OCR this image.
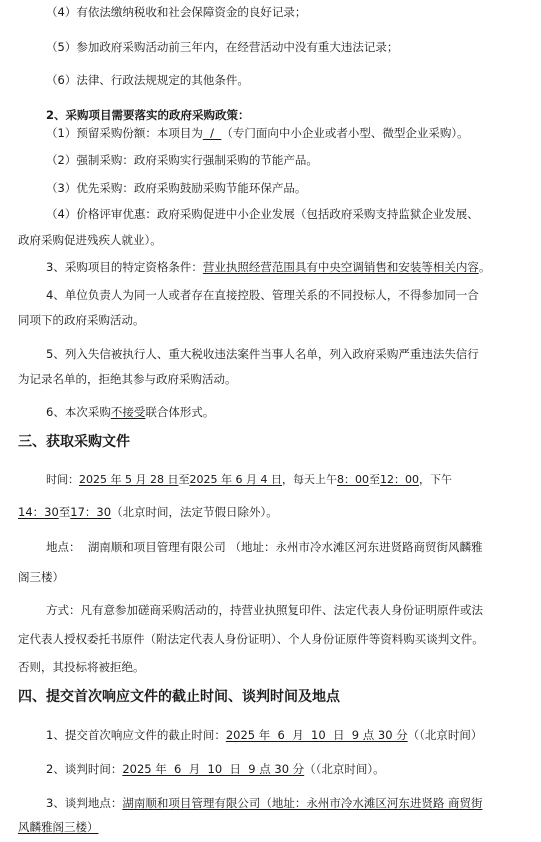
（4）有依法缴纳税收和社会保障资金的良好记录；
（5）参加政府采购活动前三年内，在经营活动中没有重大违法记录；
（6）法律、行政法规规定的其他条件。
2、采购项目需要落实的政府采购政策：
（1）预留采购份额：本项目为  /  （专门面向中小企业或者小型、微型企业采购）。
（2）强制采购：政府采购实行强制采购的节能产品。
（3）优先采购：政府采购鼓励采购节能环保产品。
（4）价格评审优惠：政府采购促进中小企业发展（包括政府采购支持监狱企业发展、
政府采购促进残疾人就业）。
3、采购项目的特定资格条件：营业执照经营范围具有中央空调销售和安装等相关内容。
4、单位负责人为同一人或者存在直接控股、管理关系的不同投标人，不得参加同一合
同项下的政府采购活动。
5、列入失信被执行人、重大税收违法案件当事人名单，列入政府采购严重违法失信行
为记录名单的，拒绝其参与政府采购活动。
6、本次采购不接受联合体形式。
三、获取采购文件
时间：2025 年 5 月 28 日至2025 年 6 月 4 日，每天上午8：00至12：00，下午
14：30至17：30（北京时间，法定节假日除外）。
地点： 湖南顺和项目管理有限公司 （地址：永州市冷水滩区河东进贤路商贸街风麟雅
阁三楼）
方式：凡有意参加磋商采购活动的，持营业执照复印件、法定代表人身份证明原件或法
定代表人授权委托书原件（附法定代表人身份证明）、个人身份证原件等资料购买谈判文件。
否则，其投标将被拒绝。
四、提交首次响应文件的截止时间、谈判时间及地点
1、提交首次响应文件的截止时间：2025 年  6  月  10  日  9 点 30 分（（北京时间）
2、谈判时间：2025 年  6  月  10  日  9 点 30 分（（北京时间）。
3、谈判地点：湖南顺和项目管理有限公司（地址：永州市冷水滩区河东进贤路 商贸街
风麟雅阁三楼）
